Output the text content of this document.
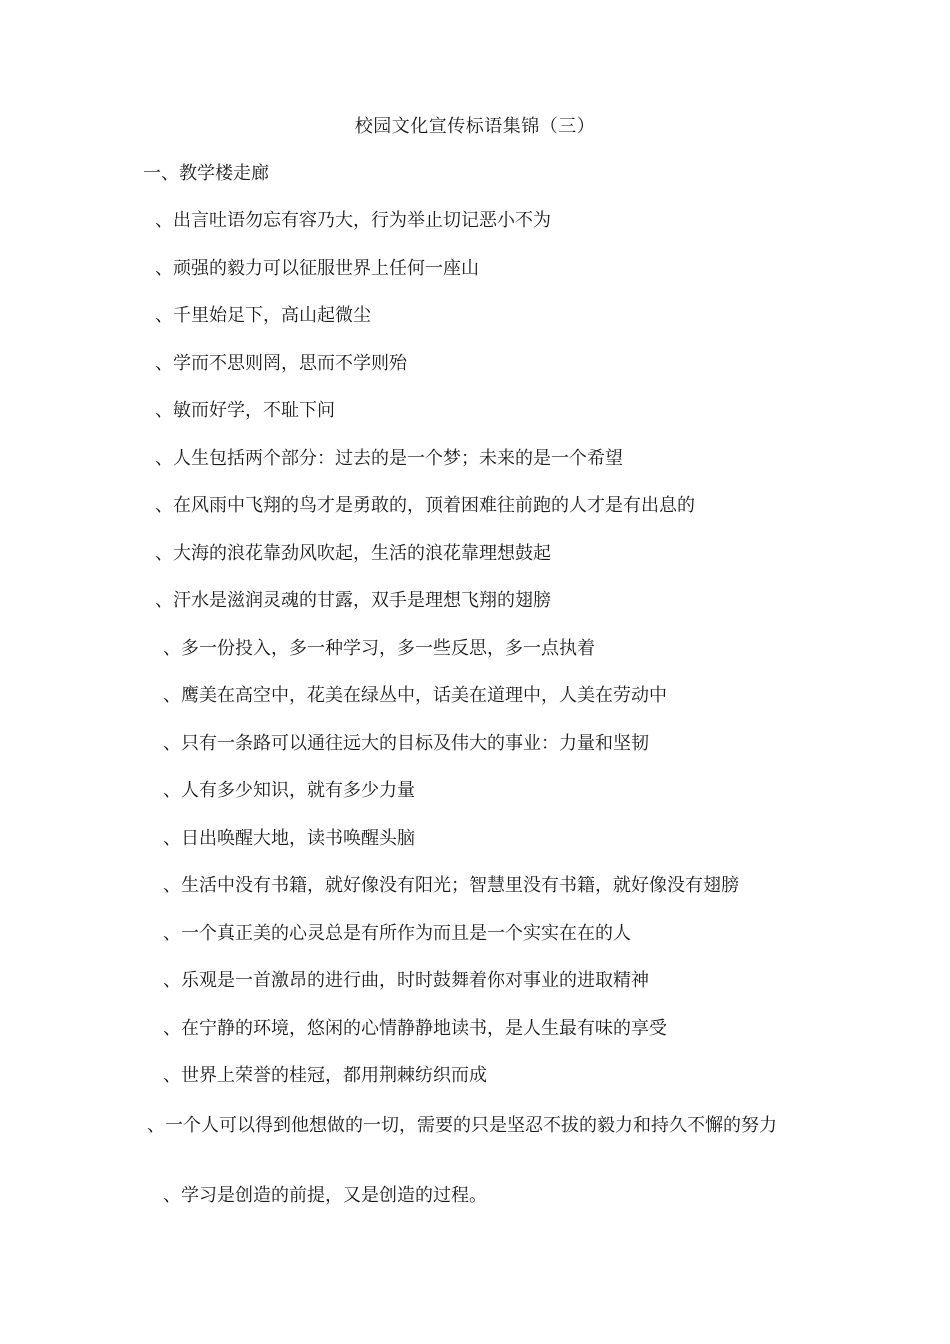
校园文化宣传标语集锦（三）
一、教学楼走廊
、出言吐语勿忘有容乃大，行为举止切记恶小不为
、顽强的毅力可以征服世界上任何一座山
、千里始足下，高山起微尘
、学而不思则罔，思而不学则殆
、敏而好学，不耻下问
、人生包括两个部分：过去的是一个梦；未来的是一个希望
、在风雨中飞翔的鸟才是勇敢的，顶着困难往前跑的人才是有出息的
、大海的浪花靠劲风吹起，生活的浪花靠理想鼓起
、汗水是滋润灵魂的甘露，双手是理想飞翔的翅膀
、多一份投入，多一种学习，多一些反思，多一点执着
、鹰美在高空中，花美在绿丛中，话美在道理中，人美在劳动中
、只有一条路可以通往远大的目标及伟大的事业：力量和坚韧
、人有多少知识，就有多少力量
、日出唤醒大地，读书唤醒头脑
、生活中没有书籍，就好像没有阳光；智慧里没有书籍，就好像没有翅膀
、一个真正美的心灵总是有所作为而且是一个实实在在的人
、乐观是一首激昂的进行曲，时时鼓舞着你对事业的进取精神
、在宁静的环境，悠闲的心情静静地读书，是人生最有味的享受
、世界上荣誉的桂冠，都用荆棘纺织而成
、一个人可以得到他想做的一切，需要的只是坚忍不拔的毅力和持久不懈的努力
、学习是创造的前提，又是创造的过程。
